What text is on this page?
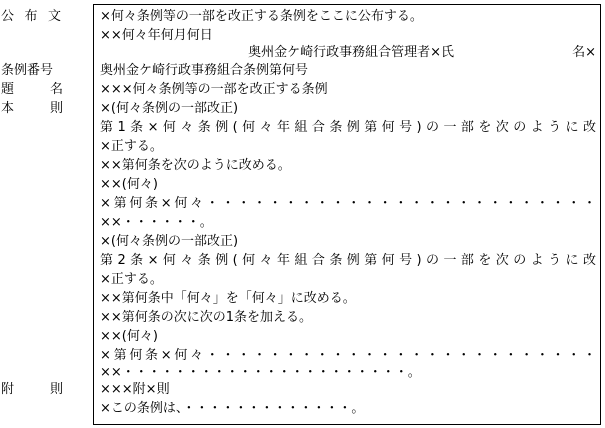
公布文
条例番号
題名
本則
附則
×何々条例等の一部を改正する条例をここに公布する。
××何々年何月何日
奥州金ケ崎行政事務組合管理者×氏	名×
奥州金ケ崎行政事務組合条例第何号
×××何々条例等の一部を改正する条例
×(何々条例の一部改正)
第1条×何々条例(何々年組合条例第何号)の一部を次のように改
×正する。
××第何条を次のように改める。
××(何々)
×第何条×何々・・・・・・・・・・・・・・・・・・・・・・・・・
××・・・・・・。
×(何々条例の一部改正)
第2条×何々条例(何々年組合条例第何号)の一部を次のように改
×正する。
××第何条中「何々」を「何々」に改める。
××第何条の次に次の1条を加える。
××(何々)
×第何条×何々・・・・・・・・・・・・・・・・・・・・・・・・・
××・・・・・・・・・・・・・・・・・・・・・・。
×××附×則
×この条例は、・・・・・・・・・・・・・。
